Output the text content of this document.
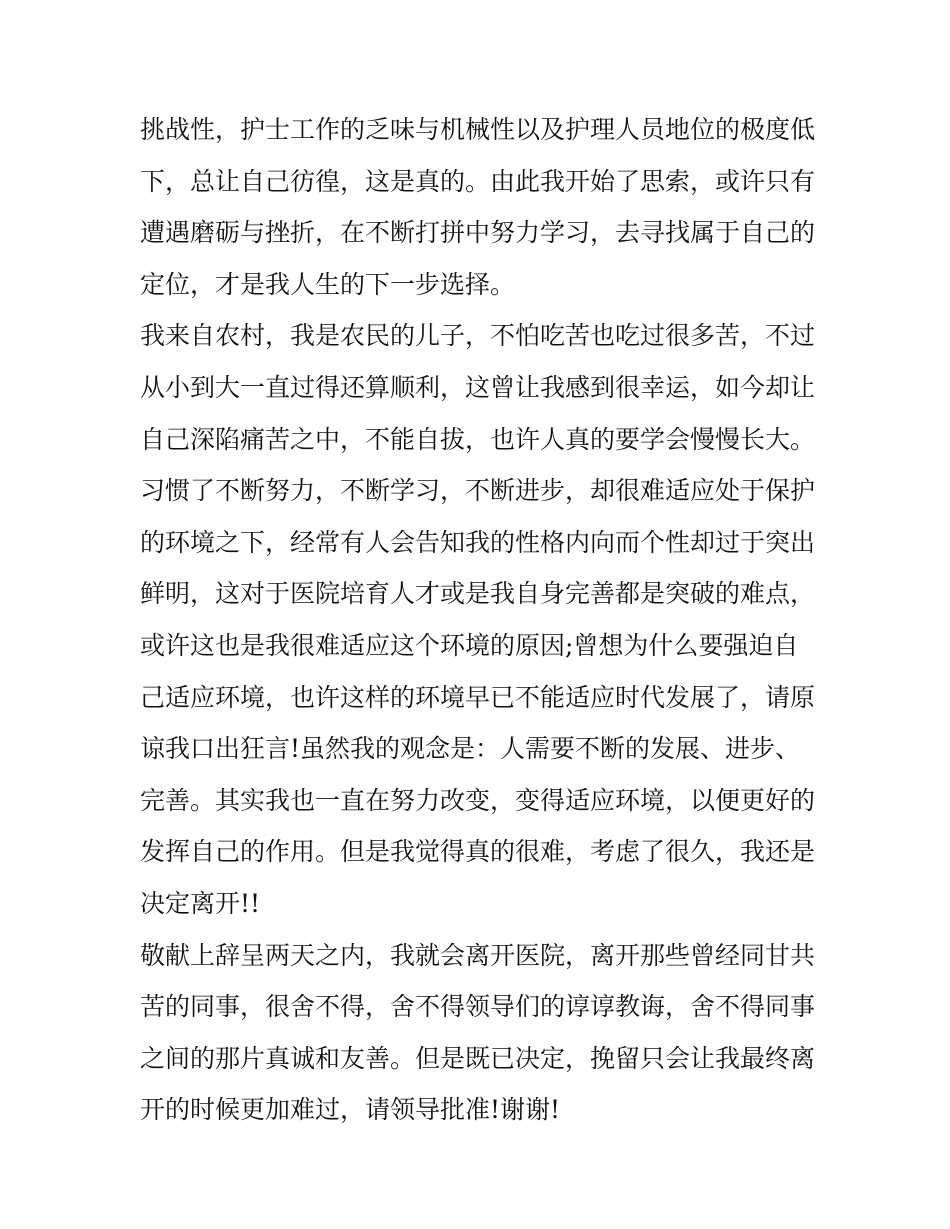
挑战性，护士工作的乏味与机械性以及护理人员地位的极度低
下，总让自己彷徨，这是真的。由此我开始了思索，或许只有
遭遇磨砺与挫折，在不断打拼中努力学习，去寻找属于自己的
定位，才是我人生的下一步选择。
我来自农村，我是农民的儿子，不怕吃苦也吃过很多苦，不过
从小到大一直过得还算顺利，这曾让我感到很幸运，如今却让
自己深陷痛苦之中，不能自拔，也许人真的要学会慢慢长大。
习惯了不断努力，不断学习，不断进步，却很难适应处于保护
的环境之下，经常有人会告知我的性格内向而个性却过于突出
鲜明，这对于医院培育人才或是我自身完善都是突破的难点，
或许这也是我很难适应这个环境的原因;曾想为什么要强迫自
己适应环境，也许这样的环境早已不能适应时代发展了，请原
谅我口出狂言!虽然我的观念是：人需要不断的发展、进步、
完善。其实我也一直在努力改变，变得适应环境，以便更好的
发挥自己的作用。但是我觉得真的很难，考虑了很久，我还是
决定离开!!
敬献上辞呈两天之内，我就会离开医院，离开那些曾经同甘共
苦的同事，很舍不得，舍不得领导们的谆谆教诲，舍不得同事
之间的那片真诚和友善。但是既已决定，挽留只会让我最终离
开的时候更加难过，请领导批准!谢谢!
